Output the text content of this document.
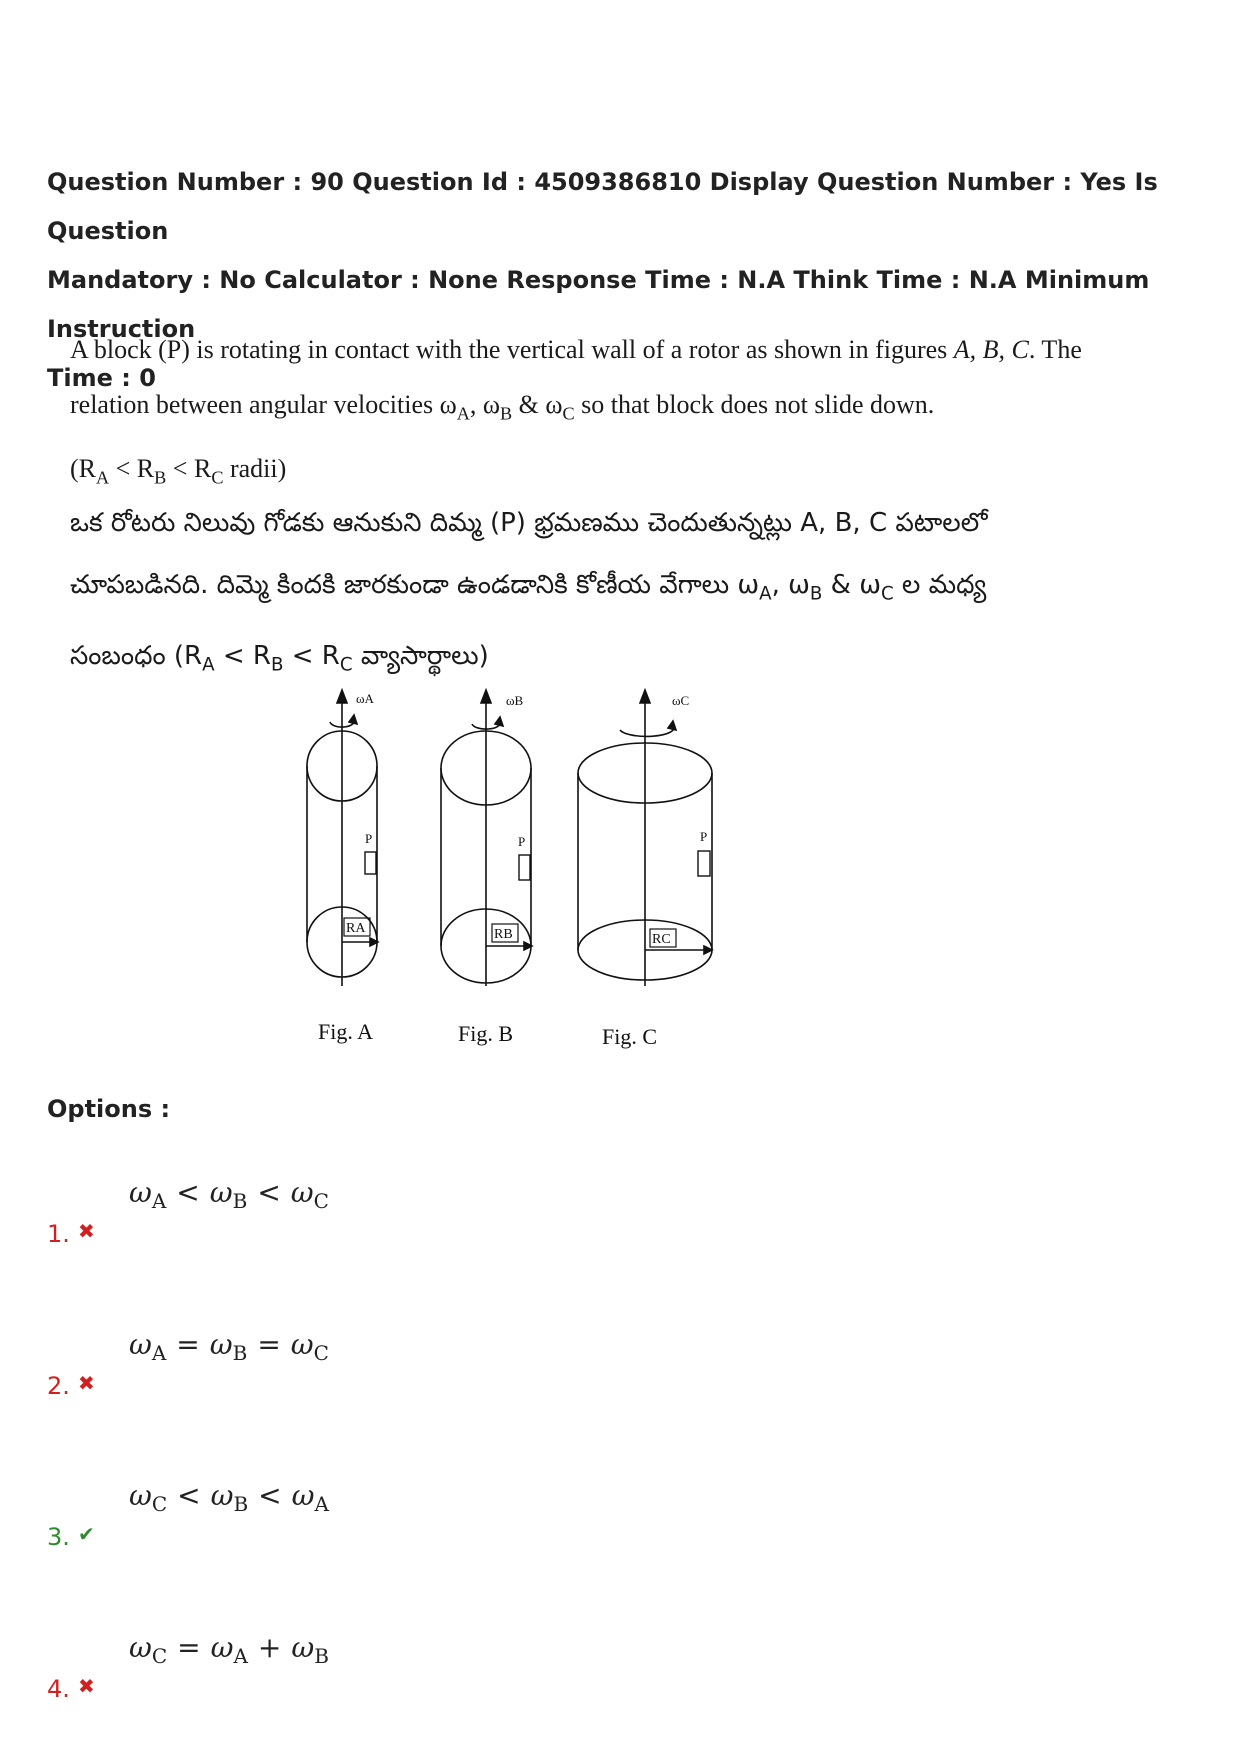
Question Number : 90 Question Id : 4509386810 Display Question Number : Yes Is Question
Mandatory : No Calculator : None Response Time : N.A Think Time : N.A Minimum Instruction
Time : 0
A block (P) is rotating in contact with the vertical wall of a rotor as shown in figures A, B, C. The
relation between angular velocities $\omega_A$, $\omega_B$ & $\omega_C$ so that block does not slide down.
($R_A < R_B < R_C$ radii)
ఒక రోటరు నిలువు గోడకు ఆనుకుని దిమ్మ (P) భ్రమణము చెందుతున్నట్లు A, B, C పటాలలో
చూపబడినది. దిమ్మె కిందకి జారకుండా ఉండడానికి కోణీయ వేగాలు $\omega_A$, $\omega_B$ & $\omega_C$ ల మధ్య
సంబంధం ($R_A < R_B < R_C$ వ్యాసార్థాలు)
ωA
RA
P
Fig. A
ωB
RB
P
Fig. B
ωC
RC
P
Fig. C
Options :
1. ✖
$\omega_A < \omega_B < \omega_C$
2. ✖
$\omega_A = \omega_B = \omega_C$
3. ✔
$\omega_C < \omega_B < \omega_A$
4. ✖
$\omega_C = \omega_A + \omega_B$
